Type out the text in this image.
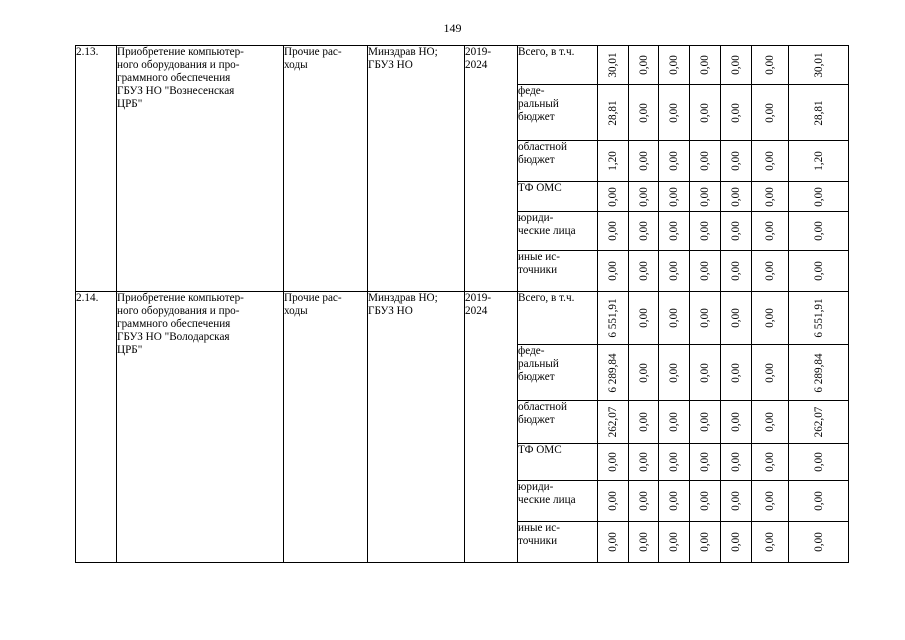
149
2.13.	Приобретение компьютер-
ного оборудования и про-
граммного обеспечения
ГБУЗ НО "Вознесенская
ЦРБ"	Прочие рас-
ходы	Минздрав НО;
ГБУЗ НО	2019-
2024	Всего, в т.ч.	30,01	0,00	0,00	0,00	0,00	0,00	30,01

					феде-
ральный
бюджет	28,81	0,00	0,00	0,00	0,00	0,00	28,81

					областной
бюджет	1,20	0,00	0,00	0,00	0,00	0,00	1,20

					ТФ ОМС	0,00	0,00	0,00	0,00	0,00	0,00	0,00

					юриди-
ческие лица	0,00	0,00	0,00	0,00	0,00	0,00	0,00

					иные ис-
точники	0,00	0,00	0,00	0,00	0,00	0,00	0,00

2.14.	Приобретение компьютер-
ного оборудования и про-
граммного обеспечения
ГБУЗ НО "Володарская
ЦРБ"	Прочие рас-
ходы	Минздрав НО;
ГБУЗ НО	2019-
2024	Всего, в т.ч.	6 551,91	0,00	0,00	0,00	0,00	0,00	6 551,91

					феде-
ральный
бюджет	6 289,84	0,00	0,00	0,00	0,00	0,00	6 289,84

					областной
бюджет	262,07	0,00	0,00	0,00	0,00	0,00	262,07

					ТФ ОМС	0,00	0,00	0,00	0,00	0,00	0,00	0,00

					юриди-
ческие лица	0,00	0,00	0,00	0,00	0,00	0,00	0,00

					иные ис-
точники	0,00	0,00	0,00	0,00	0,00	0,00	0,00
